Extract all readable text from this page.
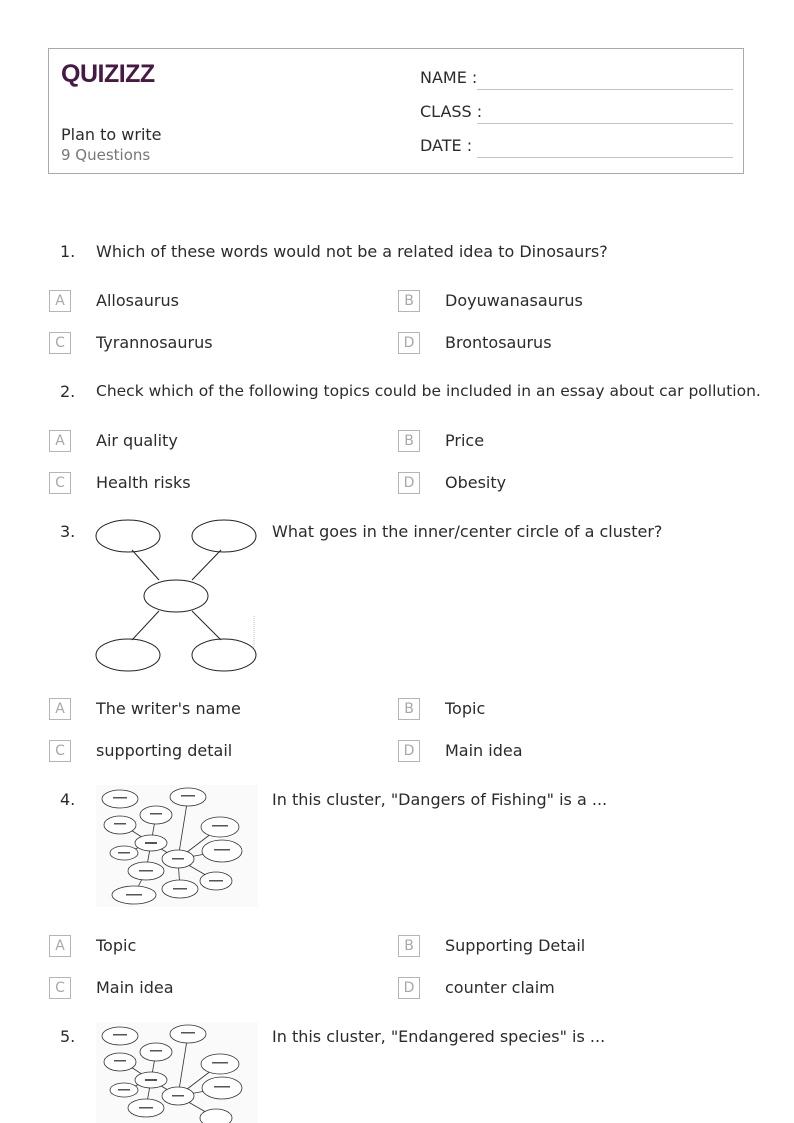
QUIZIZZ
Plan to write
9 Questions
NAME :
CLASS :
DATE :
1. Which of these words would not be a related idea to Dinosaurs?
A	Allosaurus	B	Doyuwanasaurus
C	Tyrannosaurus	D	Brontosaurus
2. Check which of the following topics could be included in an essay about car pollution.
A	Air quality	B	Price
C	Health risks	D	Obesity
3.	What goes in the inner/center circle of a cluster?
A	The writer's name	B	Topic
C	supporting detail	D	Main idea
4.	In this cluster, "Dangers of Fishing" is a ...
A	Topic	B	Supporting Detail
C	Main idea	D	counter claim
5.	In this cluster, "Endangered species" is ...
